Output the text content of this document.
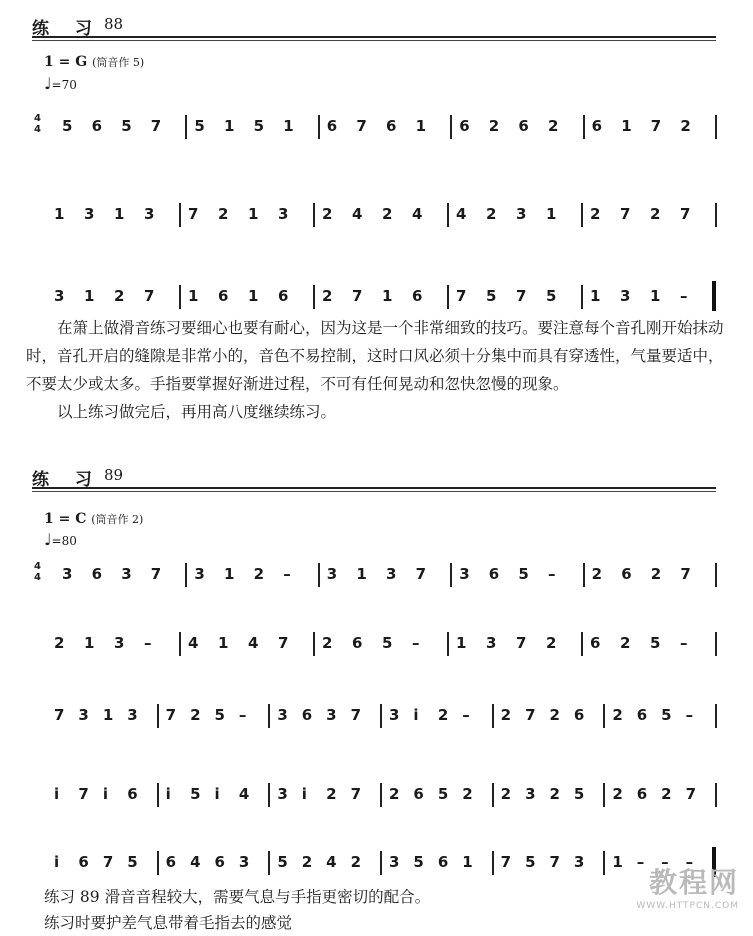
练 习 88
1 = G (筒音作 5)
♩=70
4
4 5 6 5 7 5 1 5 1 6 7 6 1 6 2 6 2 6 1 7 2
1 3 1 3 7 2 1 3 2 4 2 4 4 2 3 1 2 7 2 7
3 1 2 7 1 6 1 6 2 7 1 6 7 5 7 5 1 3 1 –

在箫上做滑音练习要细心也要有耐心，因为这是一个非常细致的技巧。要注意每个音孔刚开始抹动时，音孔开启的缝隙是非常小的，音色不易控制，这时口风必须十分集中而具有穿透性，气量要适中，不要太少或太多。手指要掌握好渐进过程，不可有任何晃动和忽快忽慢的现象。

以上练习做完后，再用高八度继续练习。

练 习 89
1 = C (筒音作 2)
♩=80
4
4 3 6 3 7 3 1 2 – 3 1 3 7 3 6 5 – 2 6 2 7
2 1 3 – 4 1 4 7 2 6 5 – 1 3 7 2 6 2 5 –
7 3 1 3 7 2 5 – 3 6 3 7 3 i 2 – 2 7 2 6 2 6 5 –
i 7 i 6 i 5 i 4 3 i 2 7 2 6 5 2 2 3 2 5 2 6 2 7
i 6 7 5 6 4 6 3 5 2 4 2 3 5 6 1 7 5 7 3 1 – – –

练习 89 滑音音程较大，需要气息与手指更密切的配合。

练习时要护差气息带着毛指去的感觉

教程网
WWW.HTTPCN.COM
